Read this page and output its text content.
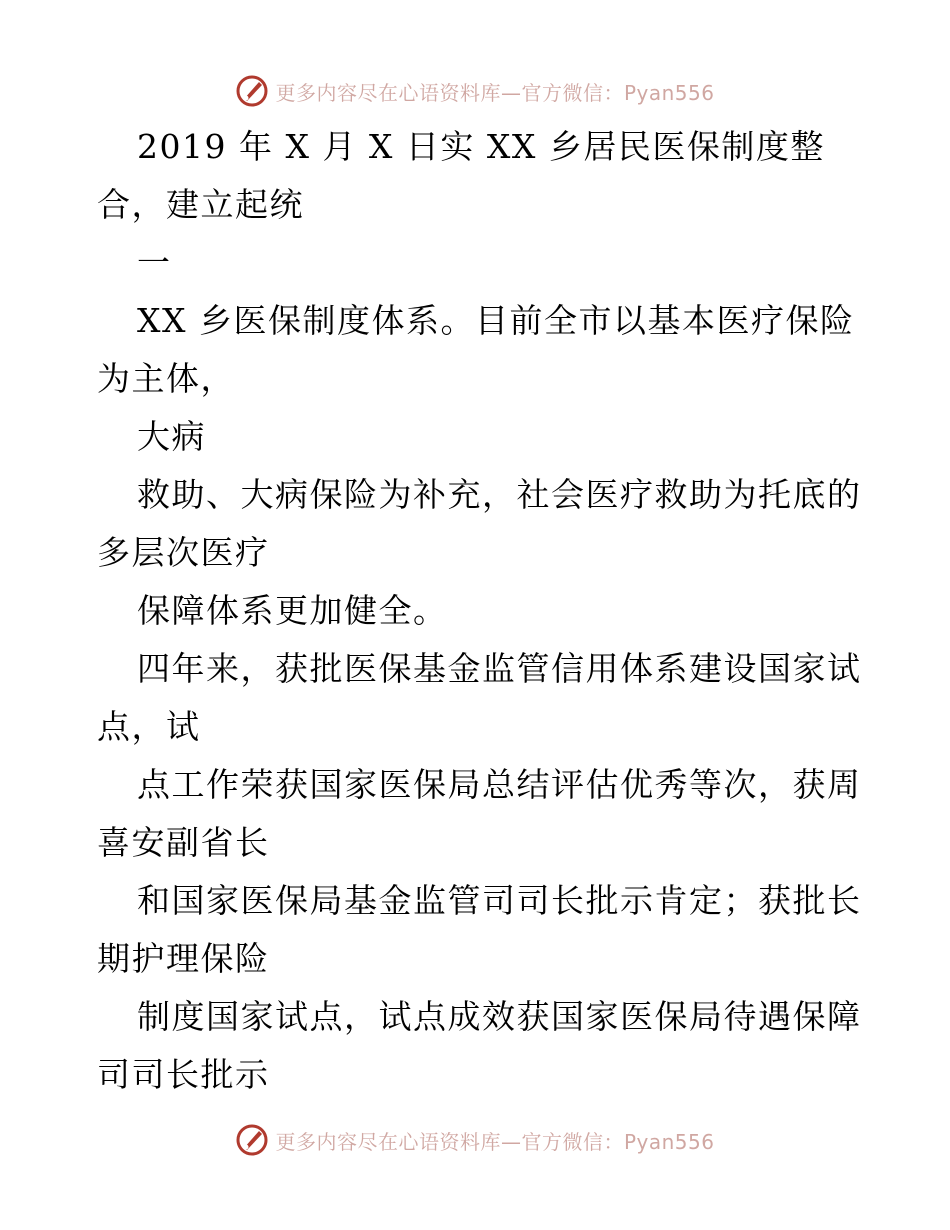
更多内容尽在心语资料库—官方微信：Pyan556

2019 年 X 月 X 日实 XX 乡居民医保制度整
合，建立起统

一

XX 乡医保制度体系。目前全市以基本医疗保险
为主体，

大病

救助、大病保险为补充，社会医疗救助为托底的
多层次医疗

保障体系更加健全。

四年来，获批医保基金监管信用体系建设国家试
点，试

点工作荣获国家医保局总结评估优秀等次，获周
喜安副省长

和国家医保局基金监管司司长批示肯定；获批长
期护理保险

制度国家试点，试点成效获国家医保局待遇保障
司司长批示

更多内容尽在心语资料库—官方微信：Pyan556
